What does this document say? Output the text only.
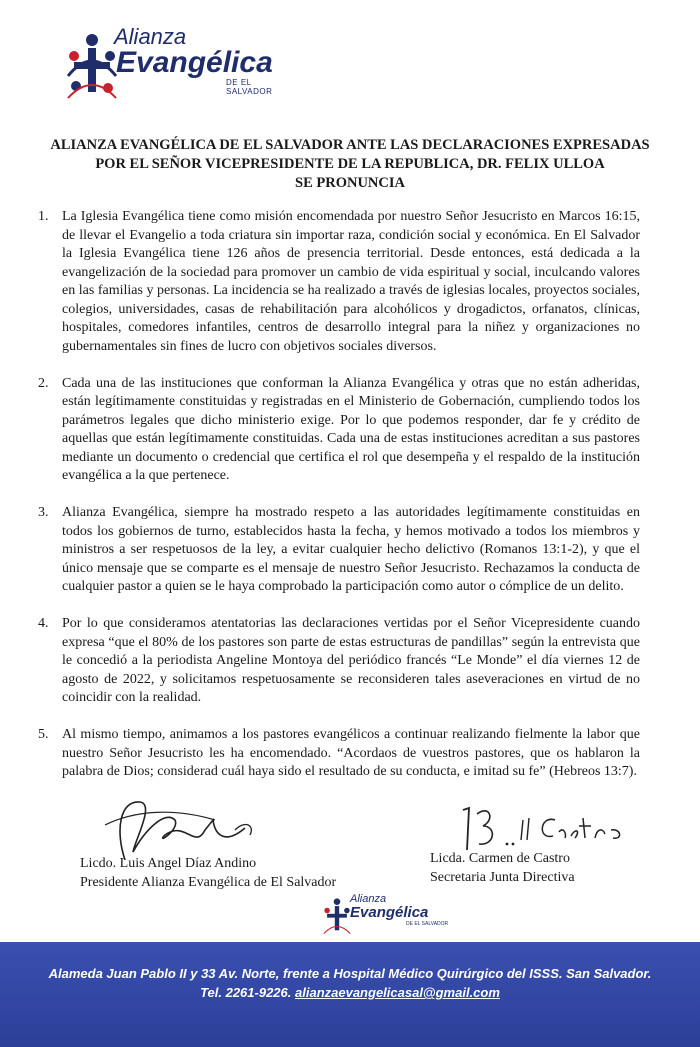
Alianza
Evangélica
DE EL SALVADOR
ALIANZA EVANGÉLICA DE EL SALVADOR ANTE LAS DECLARACIONES EXPRESADAS
POR EL SEÑOR VICEPRESIDENTE DE LA REPUBLICA, DR. FELIX ULLOA
SE PRONUNCIA
1. La Iglesia Evangélica tiene como misión encomendada por nuestro Señor Jesucristo en Marcos 16:15, de llevar el Evangelio a toda criatura sin importar raza, condición social y económica. En El Salvador la Iglesia Evangélica tiene 126 años de presencia territorial. Desde entonces, está dedicada a la evangelización de la sociedad para promover un cambio de vida espiritual y social, inculcando valores en las familias y personas. La incidencia se ha realizado a través de iglesias locales, proyectos sociales, colegios, universidades, casas de rehabilitación para alcohólicos y drogadictos, orfanatos, clínicas, hospitales, comedores infantiles, centros de desarrollo integral para la niñez y organizaciones no gubernamentales sin fines de lucro con objetivos sociales diversos.
2. Cada una de las instituciones que conforman la Alianza Evangélica y otras que no están adheridas, están legítimamente constituidas y registradas en el Ministerio de Gobernación, cumpliendo todos los parámetros legales que dicho ministerio exige. Por lo que podemos responder, dar fe y crédito de aquellas que están legítimamente constituidas. Cada una de estas instituciones acreditan a sus pastores mediante un documento o credencial que certifica el rol que desempeña y el respaldo de la institución evangélica a la que pertenece.
3. Alianza Evangélica, siempre ha mostrado respeto a las autoridades legítimamente constituidas en todos los gobiernos de turno, establecidos hasta la fecha, y hemos motivado a todos los miembros y ministros a ser respetuosos de la ley, a evitar cualquier hecho delictivo (Romanos 13:1-2), y que el único mensaje que se comparte es el mensaje de nuestro Señor Jesucristo. Rechazamos la conducta de cualquier pastor a quien se le haya comprobado la participación como autor o cómplice de un delito.
4. Por lo que consideramos atentatorias las declaraciones vertidas por el Señor Vicepresidente cuando expresa “que el 80% de los pastores son parte de estas estructuras de pandillas” según la entrevista que le concedió a la periodista Angeline Montoya del periódico francés “Le Monde” el día viernes 12 de agosto de 2022, y solicitamos respetuosamente se reconsideren tales aseveraciones en virtud de no coincidir con la realidad.
5. Al mismo tiempo, animamos a los pastores evangélicos a continuar realizando fielmente la labor que nuestro Señor Jesucristo les ha encomendado. “Acordaos de vuestros pastores, que os hablaron la palabra de Dios; considerad cuál haya sido el resultado de su conducta, e imitad su fe” (Hebreos 13:7).
Licdo. Luis Angel Díaz Andino
Presidente Alianza Evangélica de El Salvador
Licda. Carmen de Castro
Secretaria Junta Directiva
Alianza
Evangélica
DE EL SALVADOR
Alameda Juan Pablo II y 33 Av. Norte, frente a Hospital Médico Quirúrgico del ISSS. San Salvador.
Tel. 2261-9226. alianzaevangelicasal@gmail.com
